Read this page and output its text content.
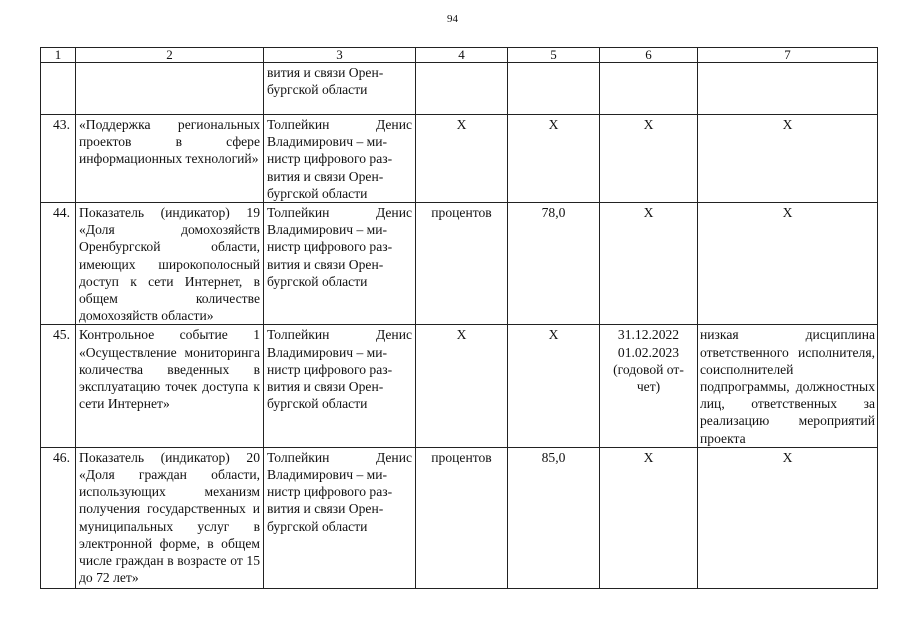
94
1	2	3	4	5	6	7

		вития и связи Орен-
бургской области				

43.	«Поддержка региональных проектов в сфере информационных технологий»	Толпейкин Денис
Владимирович – ми-
нистр цифрового раз-
вития и связи Орен-
бургской области	Х	Х	Х	Х
44.	Показатель (индикатор) 19 «Доля домохозяйств Оренбургской области, имеющих широкополосный доступ к сети Интернет, в общем количестве домохозяйств области»	Толпейкин Денис
Владимирович – ми-
нистр цифрового раз-
вития и связи Орен-
бургской области	процентов	78,0	Х	Х
45.	Контрольное событие 1 «Осуществление мониторинга количества введенных в эксплуатацию точек доступа к сети Интернет»	Толпейкин Денис
Владимирович – ми-
нистр цифрового раз-
вития и связи Орен-
бургской области	Х	Х	31.12.2022
01.02.2023
(годовой от-
чет)	низкая дисциплина ответственного исполнителя, соисполнителей подпрограммы, должностных лиц, ответственных за реализацию мероприятий проекта
46.	Показатель (индикатор) 20 «Доля граждан области, использующих механизм получения государственных и муниципальных услуг в электронной форме, в общем числе граждан в возрасте от 15 до 72 лет»	Толпейкин Денис
Владимирович – ми-
нистр цифрового раз-
вития и связи Орен-
бургской области	процентов	85,0	Х	Х
